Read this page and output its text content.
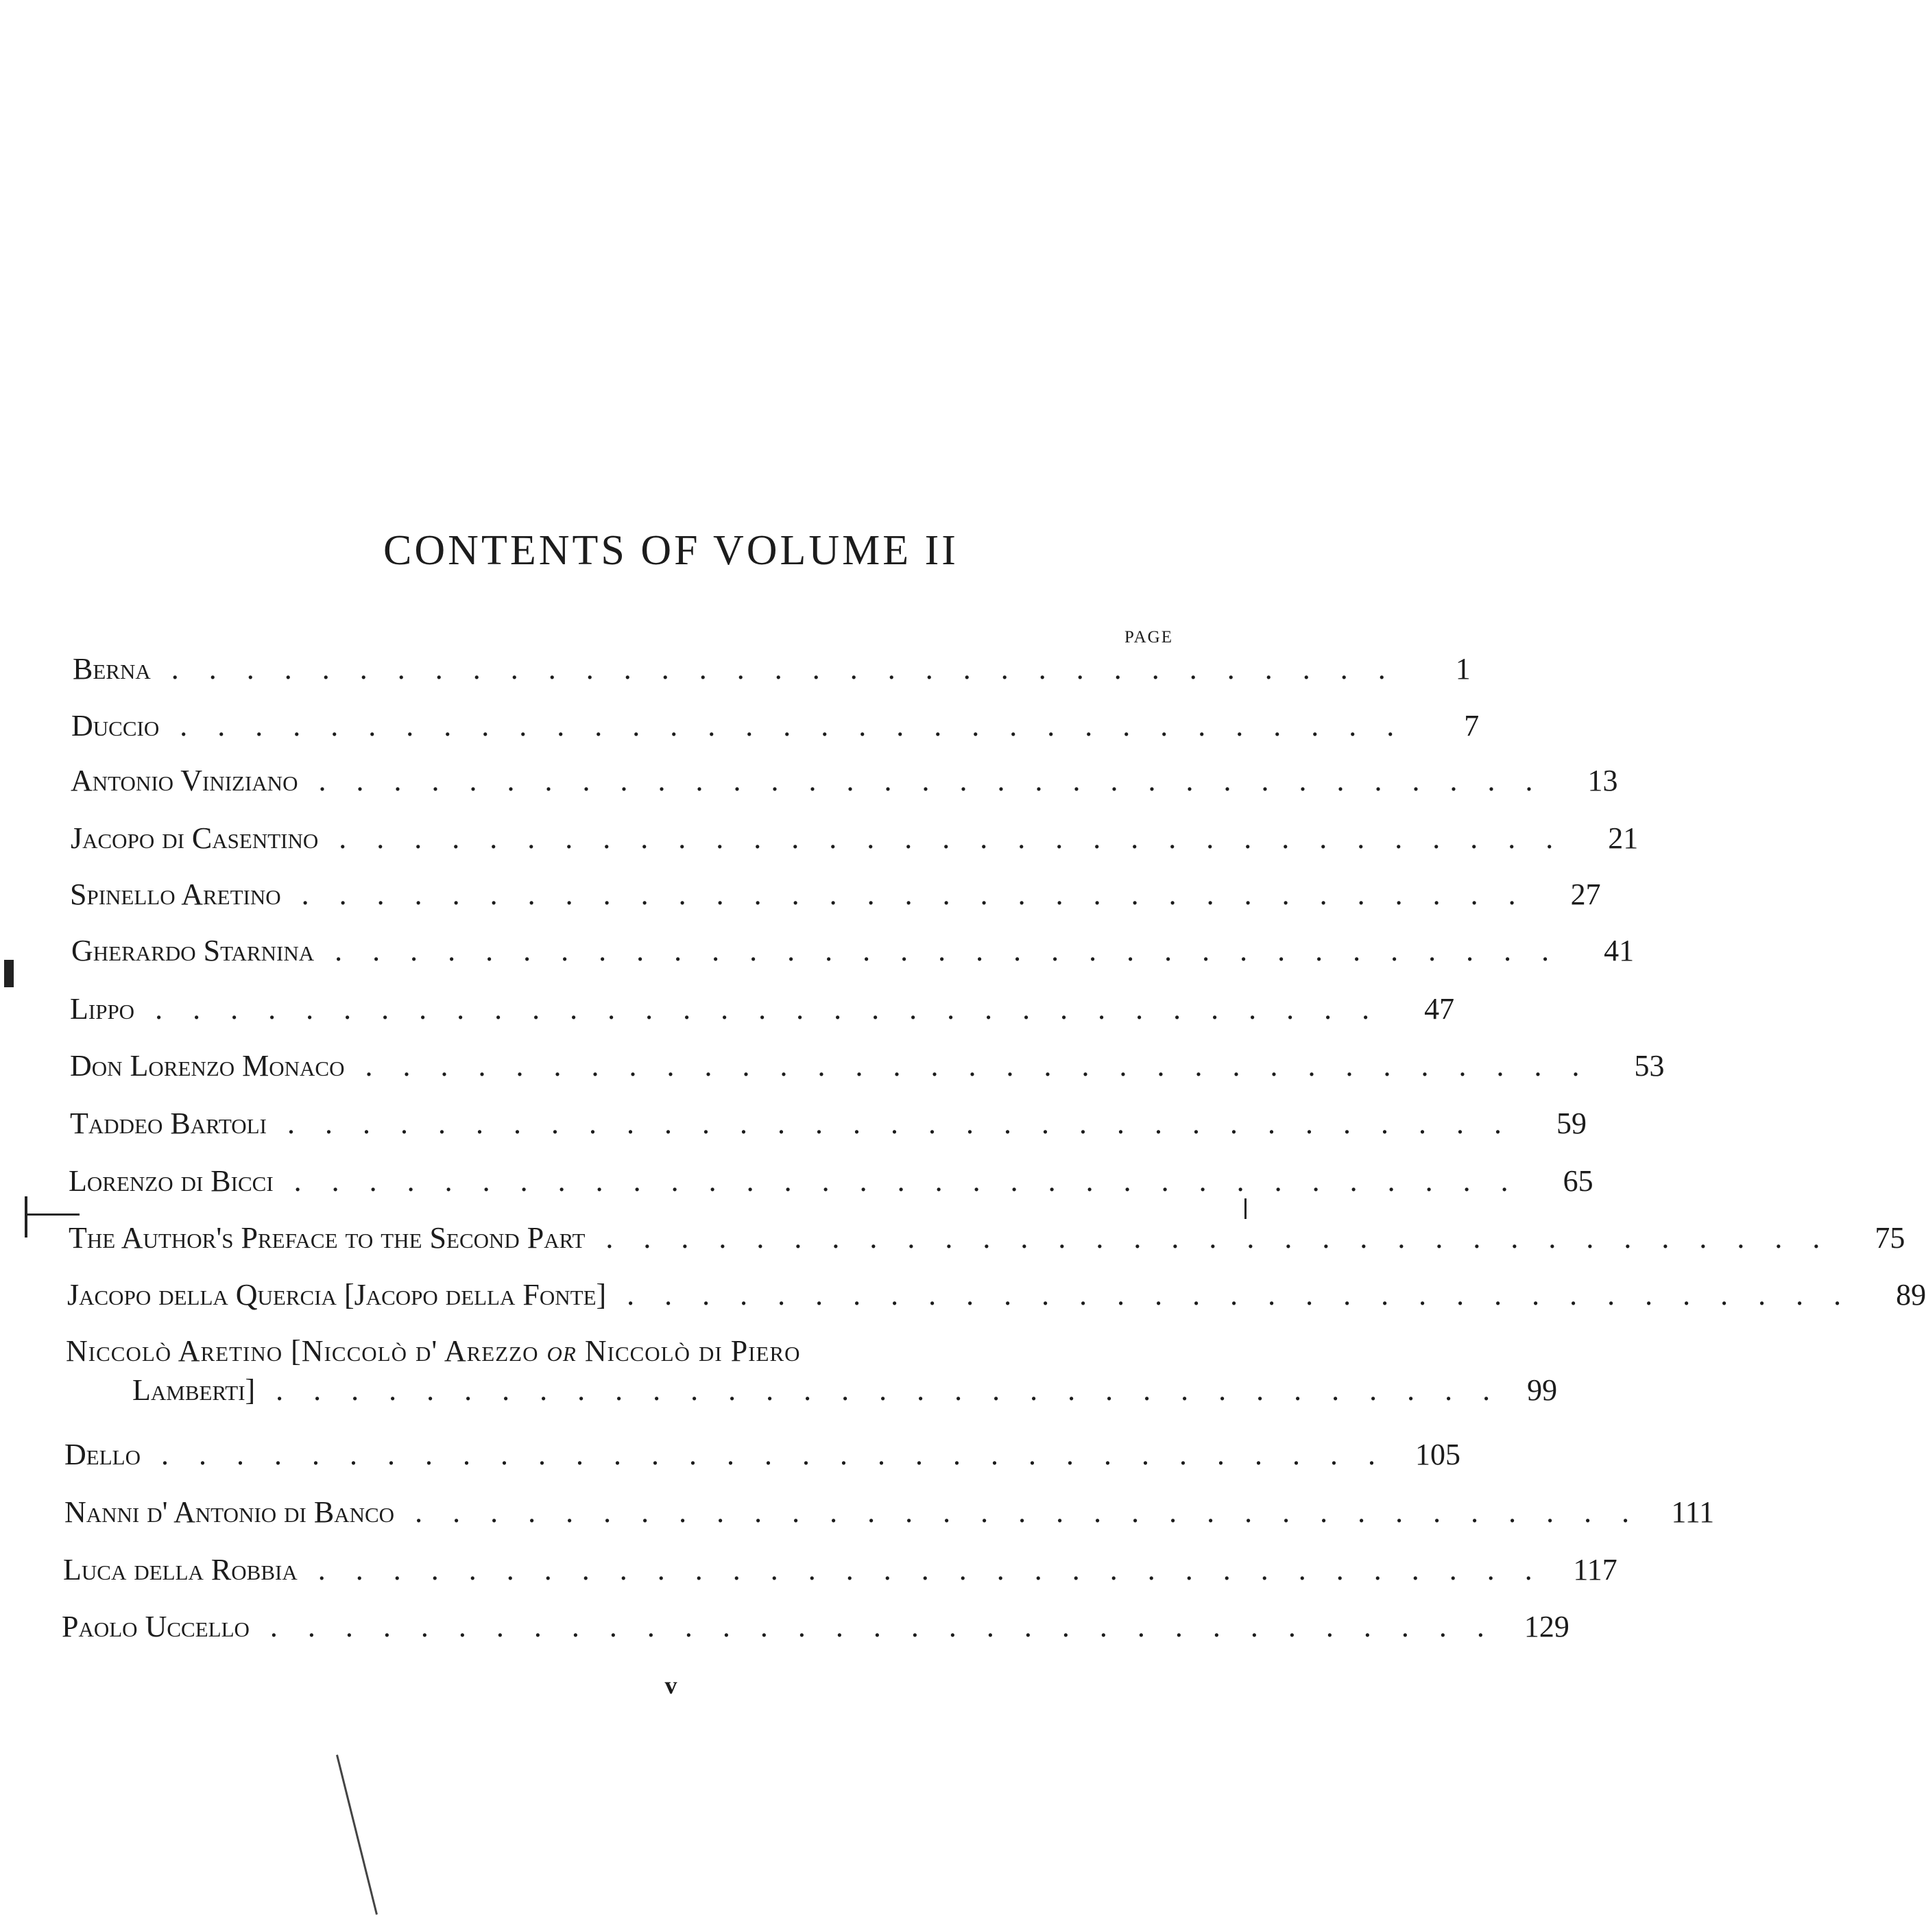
CONTENTS OF VOLUME II
PAGE
Berna .................................	1
Duccio .................................	7
Antonio Viniziano ................................. 13
Jacopo di Casentino ................................. 21
Spinello Aretino ................................. 27
Gherardo Starnina ................................. 41
Lippo ................................. 47
Don Lorenzo Monaco ................................. 53
Taddeo Bartoli ................................. 59
Lorenzo di Bicci ................................. 65
The Author's Preface to the Second Part ................................. 75
Jacopo della Quercia [Jacopo della Fonte] ................................. 89
Niccolò Aretino [Niccolò d' Arezzo or Niccolò di Piero
Lamberti] ................................. 99
Dello ................................. 105
Nanni d' Antonio di Banco ................................. 111
Luca della Robbia ................................. 117
Paolo Uccello ................................. 129
v
